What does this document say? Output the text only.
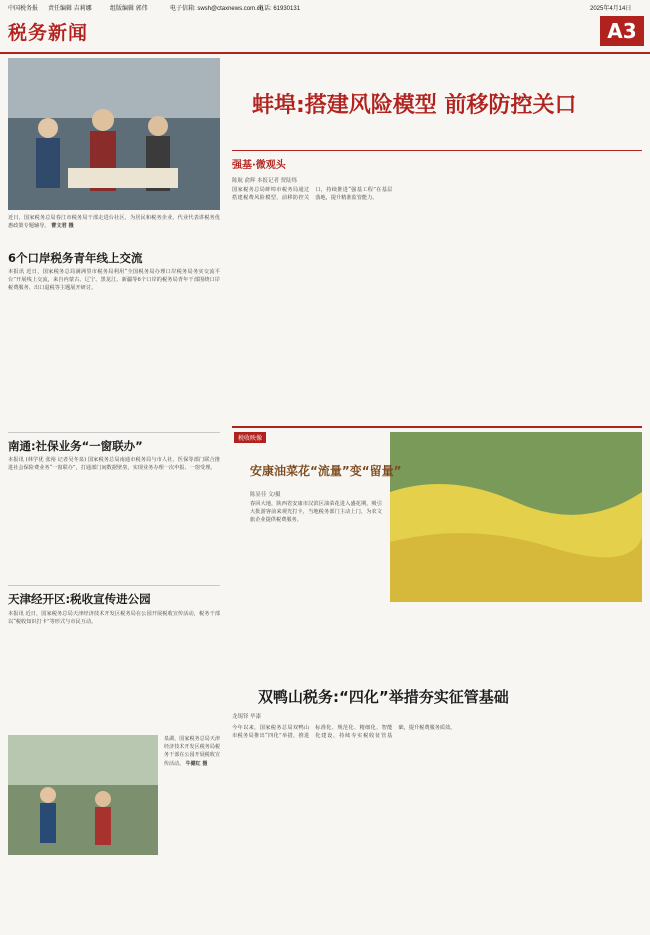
中国税务报 责任编辑 吉莉娜	组版编辑 郭伟	电子信箱: swsh@ctaxnews.com.cn
电话: 61930131	2025年4月14日
税务新闻	A3
近日，国家税务总局春江市税务局干部走进台社区，为居民和税务企业，代业代表讲税务优惠政策专题辅导。 曹文君 摄
6个口岸税务青年线上交流
本报讯 近日，国家税务总局满洲里市税务局利用“全国税务局办理口岸税务局务实交流平台”开展线上交流，来自内蒙古、辽宁、黑龙江、新疆等6个口岸的税务局青年干部围绕口岸税费服务、出口退税等主题展开研讨。
南通:社保业务“一窗联办”
本报讯 (林学优 张裕 记者吴冬泉) 国家税务总局南通市税务局与市人社、医保等部门联合推进社会保险费业务“一窗联办”，打通部门间数据壁垒，实现业务办理一次申报、一窗受理。
天津经开区:税收宣传进公园
本报讯 近日，国家税务总局天津经济技术开发区税务局在公园开展税收宣传活动，税务干部以“税收知识打卡”等形式与市民互动。
泉湖，国家税务总局天津经济技术开发区税务局税务干部在公园开展税收宣传活动。 牛健红 摄
蚌埠:搭建风险模型 前移防控关口
强基·微观头
陈航 俞辉 本报记者 贾陆烁
国家税务总局蚌埠市税务局通过搭建税费风险模型、前移防控关口，持续推进“强基工程”在基层落地，提升精准监管能力。
税收映像
安康油菜花“流量”变“留量”
陈显佳 文/摄
春回大地，陕西省安康市汉滨区油菜花进入盛花期，吸引大批游客前来观光打卡，当地税务部门主动上门，为农文旅企业提供税费服务。
双鸭山税务:“四化”举措夯实征管基础
龙锡铎 毕漆
今年以来，国家税务总局双鸭山市税务局推出“四化”举措，推进标准化、规范化、精细化、智能化建设，持续夯实税收征管基础，提升税费服务质效。
